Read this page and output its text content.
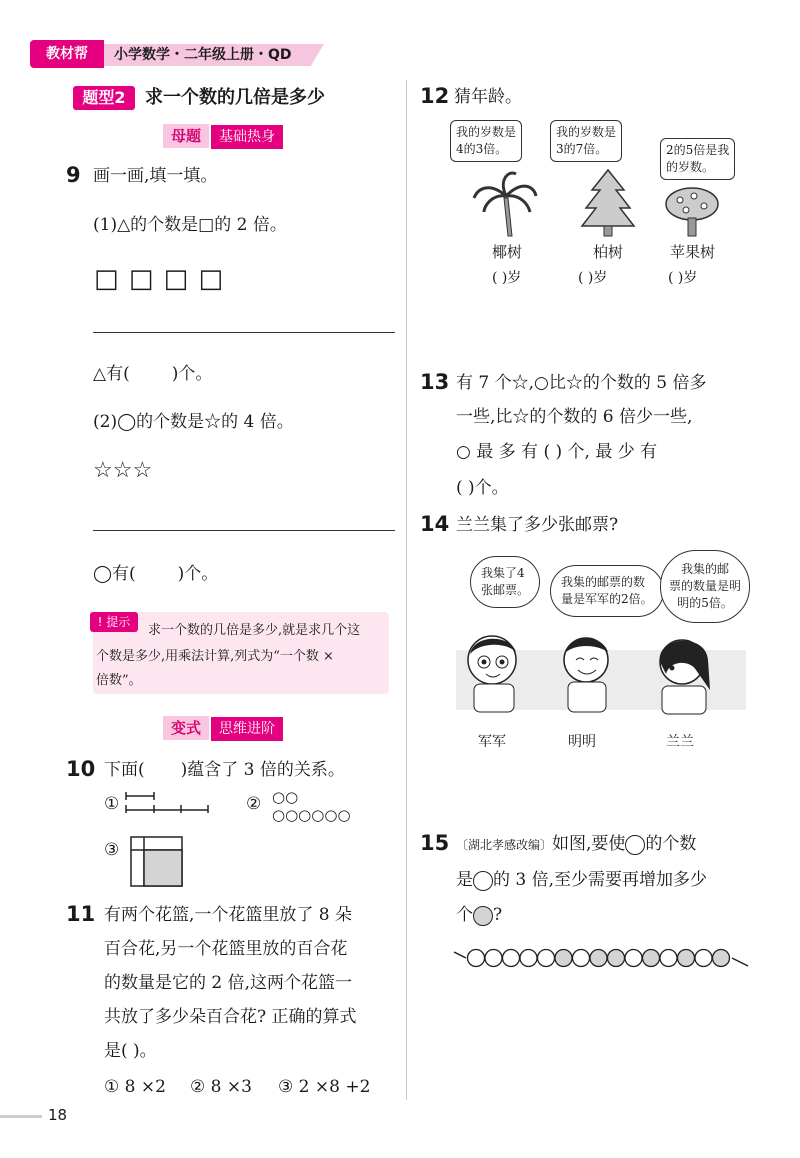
教材帮	小学数学・二年级上册・QD
题型2	求一个数的几倍是多少
母题 基础热身
9 画一画,填一填。
(1)△的个数是□的 2 倍。
□ □ □ □
△有( )个。
(2)◯的个数是☆的 4 倍。
☆☆☆
◯有( )个。
! 提示
求一个数的几倍是多少,就是求几个这
个数是多少,用乘法计算,列式为“一个数 ×
倍数”。
变式 思维进阶
10 下面( )蕴含了 3 倍的关系。
①	② ○○
○○○○○○
③
11 有两个花篮,一个花篮里放了 8 朵
百合花,另一个花篮里放的百合花
的数量是它的 2 倍,这两个花篮一
共放了多少朵百合花? 正确的算式
是( )。
① 8 ×2 ② 8 ×3 ③ 2 ×8 +2
12 猜年龄。
我的岁数是
4的3倍。
我的岁数是
3的7倍。	2的5倍是我
的岁数。
椰树	柏树	苹果树
( )岁	( )岁	( )岁
13 有 7 个☆,○比☆的个数的 5 倍多
一些,比☆的个数的 6 倍少一些,
○ 最 多 有 ( ) 个, 最 少 有
( )个。
14 兰兰集了多少张邮票?
我集了4
张邮票。
我集的邮票的数
量是军军的2倍。
我集的邮
票的数量是明
明的5倍。
军军	明明	兰兰
15 〔湖北孝感改编〕如图,要使 的个数
是 的 3 倍,至少需要再增加多少
个 ?
18
